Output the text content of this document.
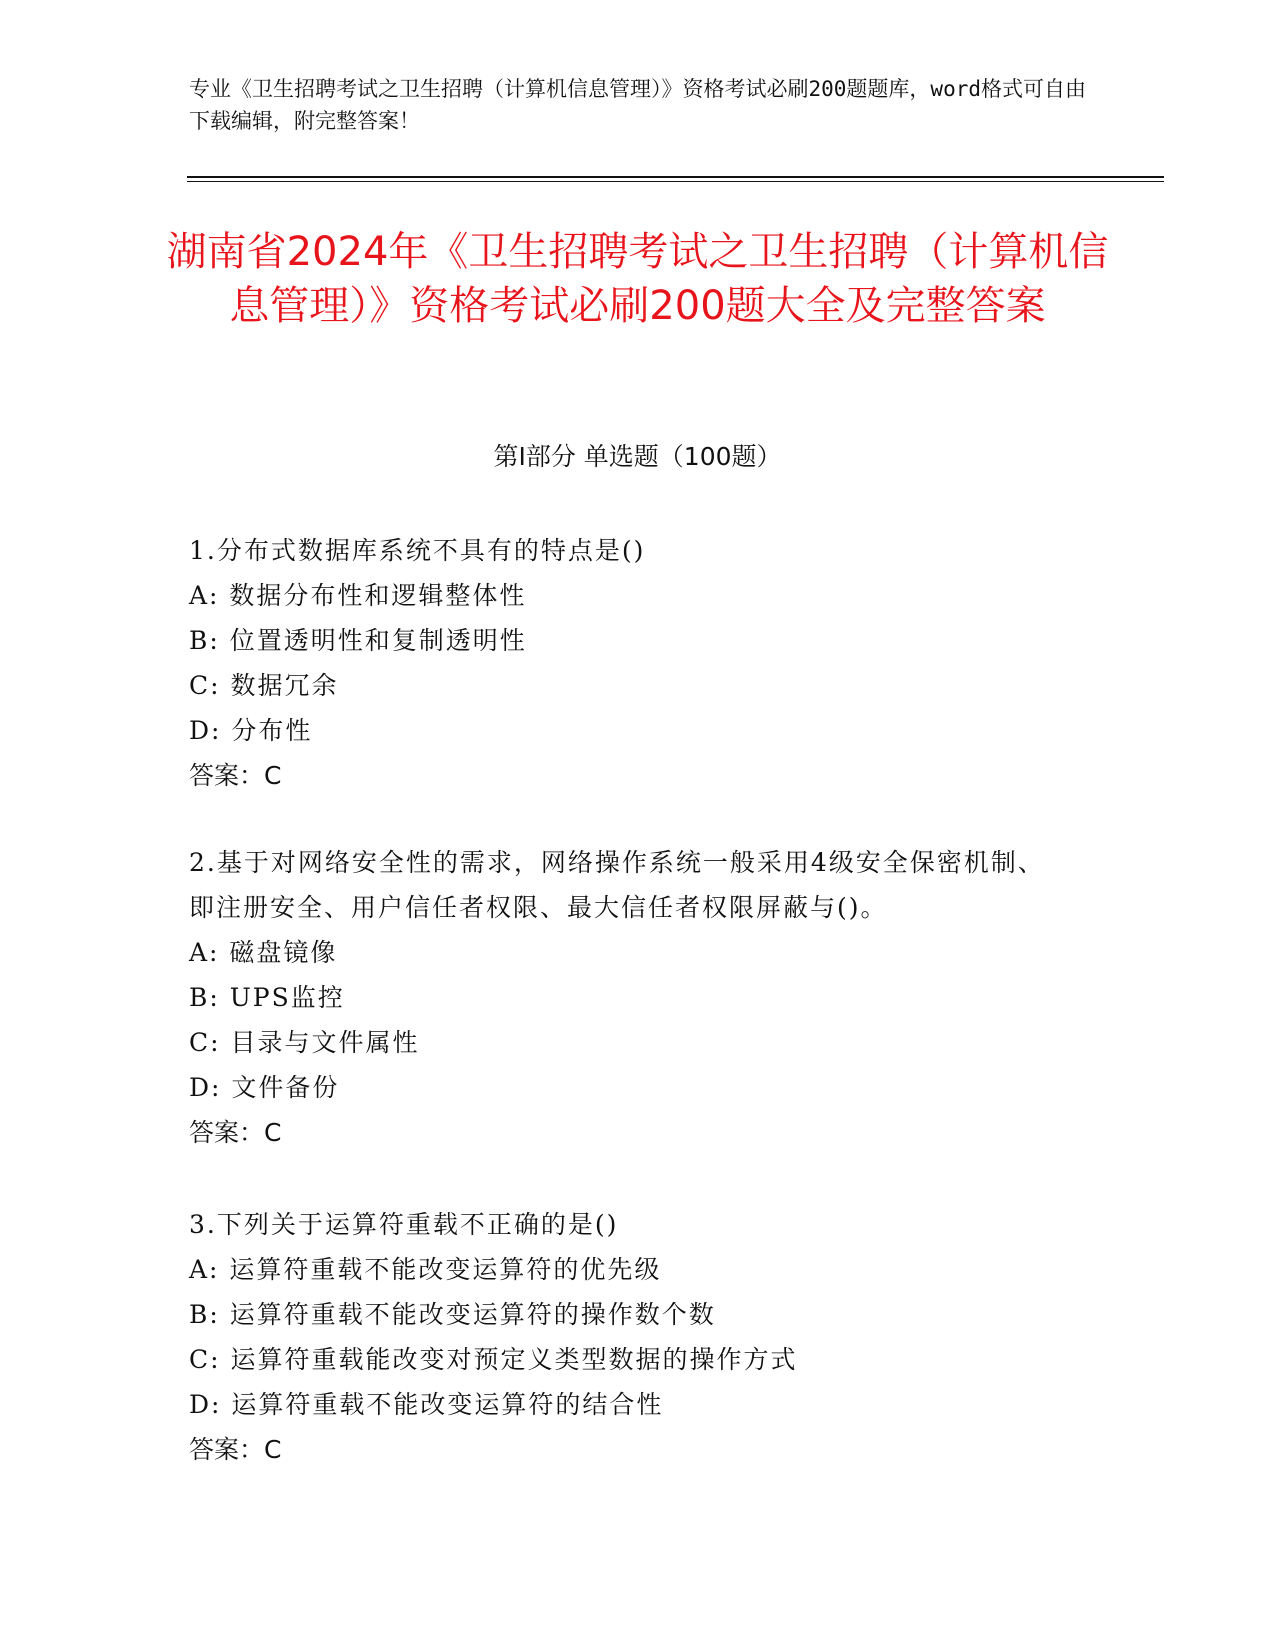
专业《卫生招聘考试之卫生招聘（计算机信息管理）》资格考试必刷200题题库，word格式可自由下载编辑，附完整答案！
湖南省2024年《卫生招聘考试之卫生招聘（计算机信息管理）》资格考试必刷200题大全及完整答案
第I部分 单选题（100题）

1.分布式数据库系统不具有的特点是()

A: 数据分布性和逻辑整体性

B: 位置透明性和复制透明性

C: 数据冗余

D: 分布性

答案：C

2.基于对网络安全性的需求，网络操作系统一般采用4级安全保密机制、即注册安全、用户信任者权限、最大信任者权限屏蔽与()。

A: 磁盘镜像

B: UPS监控

C: 目录与文件属性

D: 文件备份

答案：C

3.下列关于运算符重载不正确的是()

A: 运算符重载不能改变运算符的优先级

B: 运算符重载不能改变运算符的操作数个数

C: 运算符重载能改变对预定义类型数据的操作方式

D: 运算符重载不能改变运算符的结合性

答案：C
